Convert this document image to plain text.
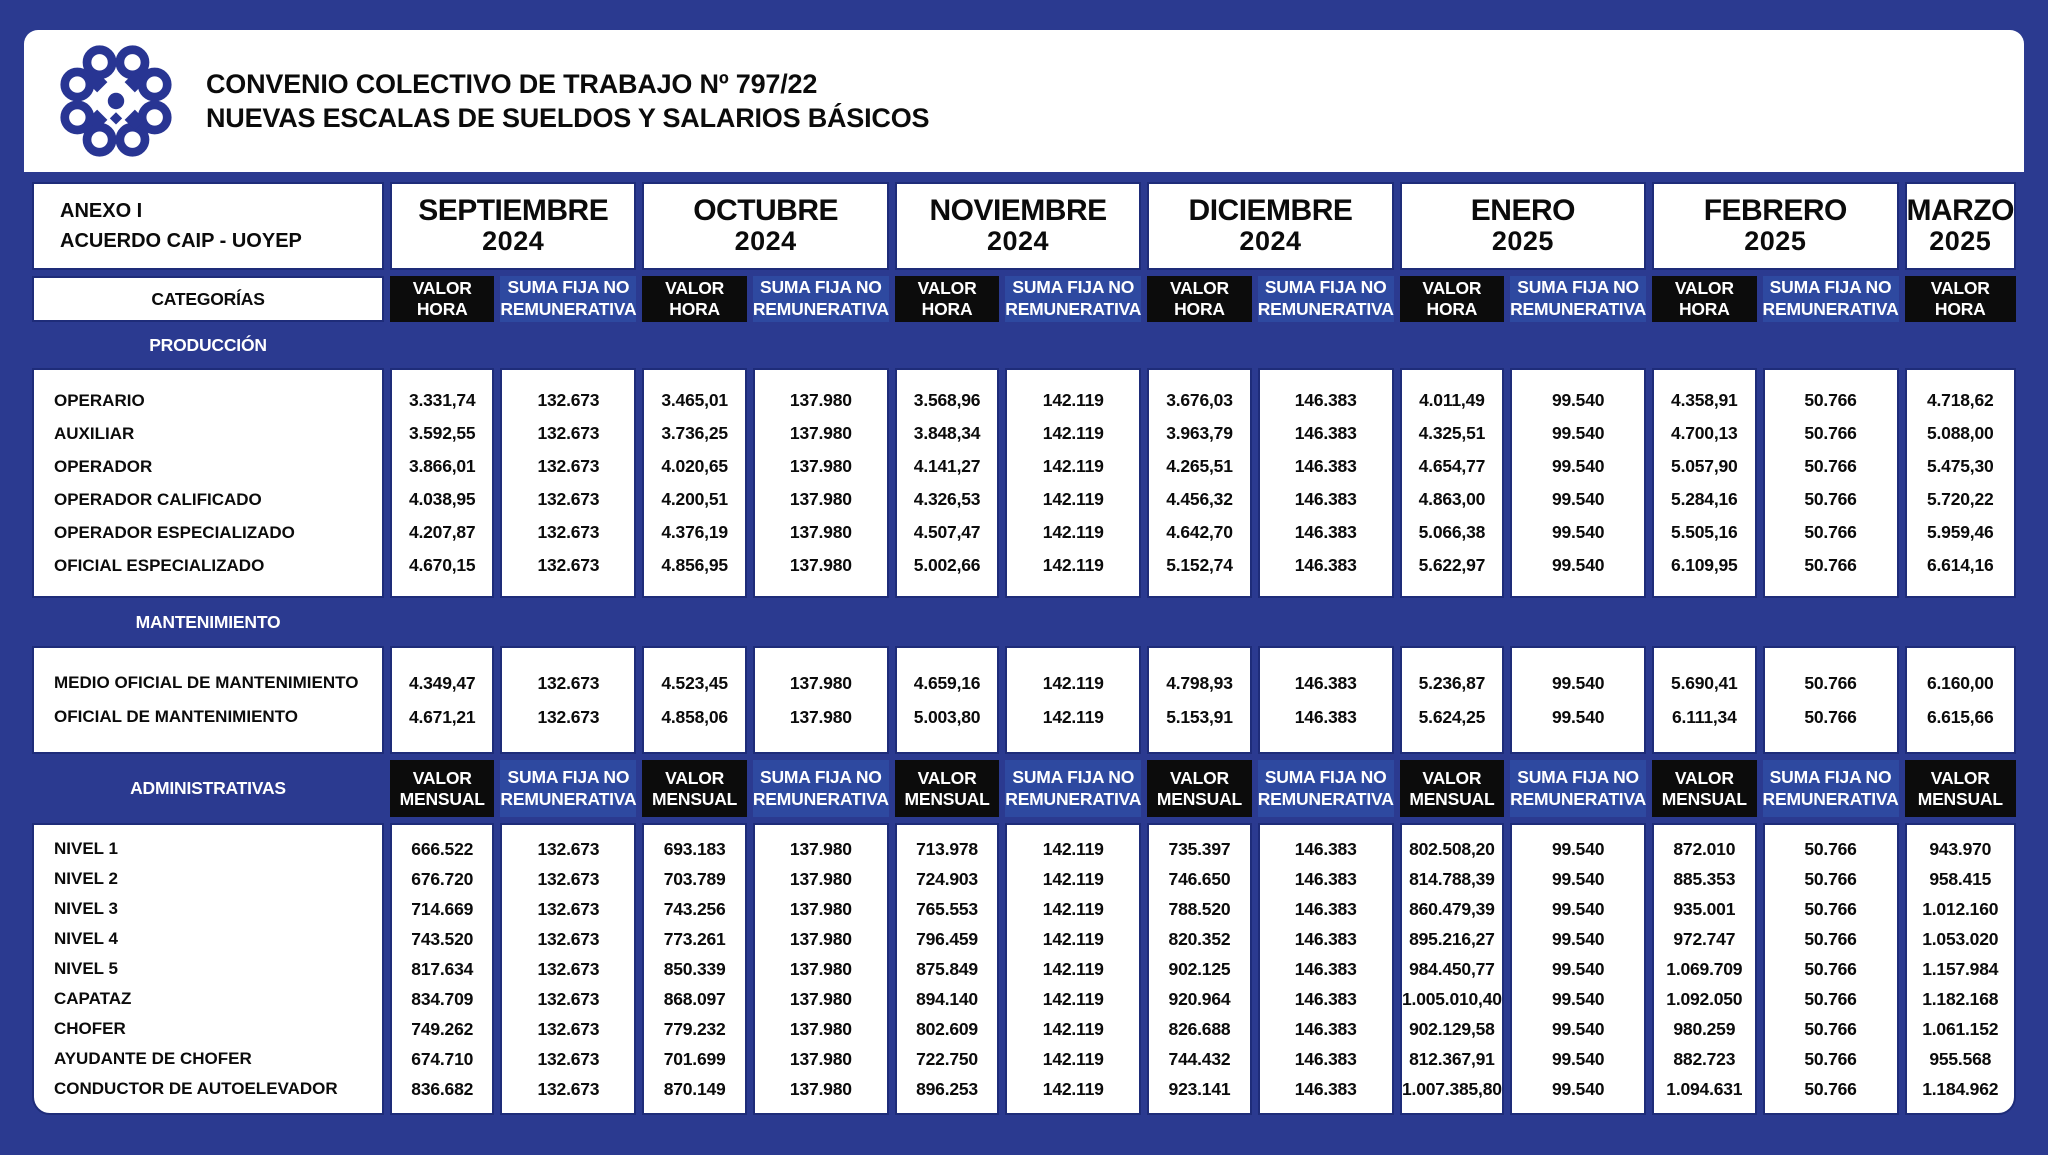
CONVENIO COLECTIVO DE TRABAJO Nº 797/22
NUEVAS ESCALAS DE SUELDOS Y SALARIOS BÁSICOS
ANEXO I
ACUERDO CAIP - UOYEP
SEPTIEMBRE
2024
OCTUBRE
2024
NOVIEMBRE
2024
DICIEMBRE
2024
ENERO
2025
FEBRERO
2025
MARZO
2025
CATEGORÍAS
VALOR
HORA
SUMA FIJA NO
REMUNERATIVA
VALOR
HORA
SUMA FIJA NO
REMUNERATIVA
VALOR
HORA
SUMA FIJA NO
REMUNERATIVA
VALOR
HORA
SUMA FIJA NO
REMUNERATIVA
VALOR
HORA
SUMA FIJA NO
REMUNERATIVA
VALOR
HORA
SUMA FIJA NO
REMUNERATIVA
VALOR
HORA
PRODUCCIÓN
OPERARIO
AUXILIAR
OPERADOR
OPERADOR CALIFICADO
OPERADOR ESPECIALIZADO
OFICIAL ESPECIALIZADO
3.331,74
3.592,55
3.866,01
4.038,95
4.207,87
4.670,15
132.673
132.673
132.673
132.673
132.673
132.673
3.465,01
3.736,25
4.020,65
4.200,51
4.376,19
4.856,95
137.980
137.980
137.980
137.980
137.980
137.980
3.568,96
3.848,34
4.141,27
4.326,53
4.507,47
5.002,66
142.119
142.119
142.119
142.119
142.119
142.119
3.676,03
3.963,79
4.265,51
4.456,32
4.642,70
5.152,74
146.383
146.383
146.383
146.383
146.383
146.383
4.011,49
4.325,51
4.654,77
4.863,00
5.066,38
5.622,97
99.540
99.540
99.540
99.540
99.540
99.540
4.358,91
4.700,13
5.057,90
5.284,16
5.505,16
6.109,95
50.766
50.766
50.766
50.766
50.766
50.766
4.718,62
5.088,00
5.475,30
5.720,22
5.959,46
6.614,16
MANTENIMIENTO
MEDIO OFICIAL DE MANTENIMIENTO
OFICIAL DE MANTENIMIENTO
4.349,47
4.671,21
132.673
132.673
4.523,45
4.858,06
137.980
137.980
4.659,16
5.003,80
142.119
142.119
4.798,93
5.153,91
146.383
146.383
5.236,87
5.624,25
99.540
99.540
5.690,41
6.111,34
50.766
50.766
6.160,00
6.615,66
ADMINISTRATIVAS
VALOR
MENSUAL
SUMA FIJA NO
REMUNERATIVA
VALOR
MENSUAL
SUMA FIJA NO
REMUNERATIVA
VALOR
MENSUAL
SUMA FIJA NO
REMUNERATIVA
VALOR
MENSUAL
SUMA FIJA NO
REMUNERATIVA
VALOR
MENSUAL
SUMA FIJA NO
REMUNERATIVA
VALOR
MENSUAL
SUMA FIJA NO
REMUNERATIVA
VALOR
MENSUAL
NIVEL 1
NIVEL 2
NIVEL 3
NIVEL 4
NIVEL 5
CAPATAZ
CHOFER
AYUDANTE DE CHOFER
CONDUCTOR DE AUTOELEVADOR
666.522
676.720
714.669
743.520
817.634
834.709
749.262
674.710
836.682
132.673
132.673
132.673
132.673
132.673
132.673
132.673
132.673
132.673
693.183
703.789
743.256
773.261
850.339
868.097
779.232
701.699
870.149
137.980
137.980
137.980
137.980
137.980
137.980
137.980
137.980
137.980
713.978
724.903
765.553
796.459
875.849
894.140
802.609
722.750
896.253
142.119
142.119
142.119
142.119
142.119
142.119
142.119
142.119
142.119
735.397
746.650
788.520
820.352
902.125
920.964
826.688
744.432
923.141
146.383
146.383
146.383
146.383
146.383
146.383
146.383
146.383
146.383
802.508,20
814.788,39
860.479,39
895.216,27
984.450,77
1.005.010,40
902.129,58
812.367,91
1.007.385,80
99.540
99.540
99.540
99.540
99.540
99.540
99.540
99.540
99.540
872.010
885.353
935.001
972.747
1.069.709
1.092.050
980.259
882.723
1.094.631
50.766
50.766
50.766
50.766
50.766
50.766
50.766
50.766
50.766
943.970
958.415
1.012.160
1.053.020
1.157.984
1.182.168
1.061.152
955.568
1.184.962
